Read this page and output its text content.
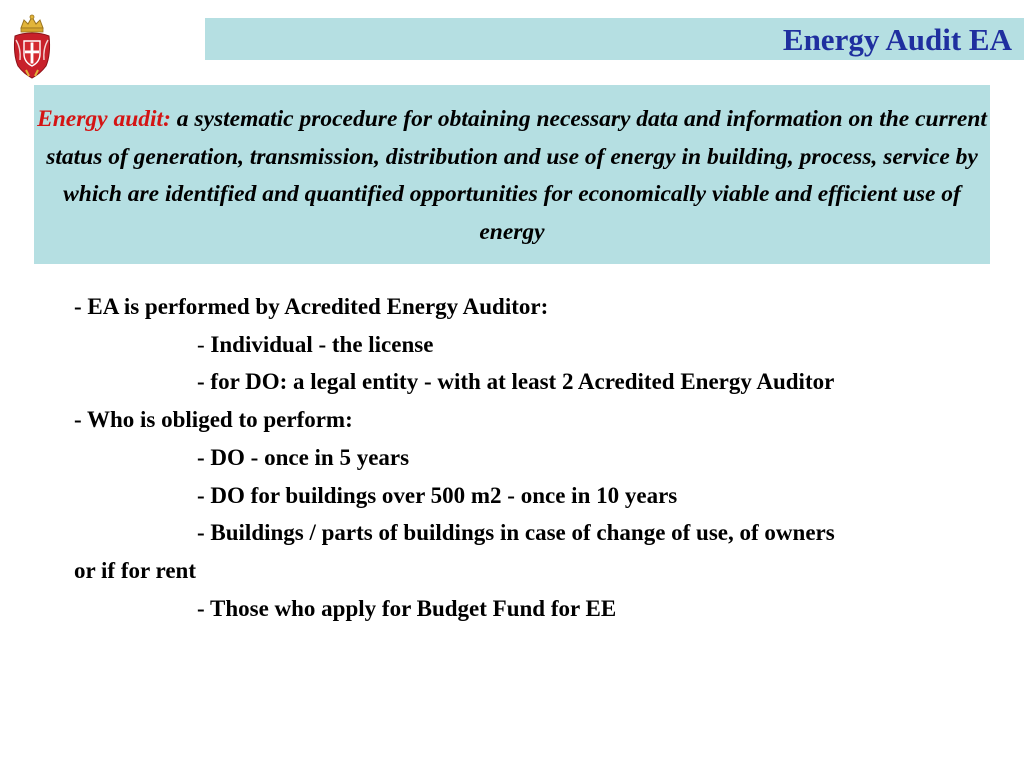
Energy Audit EA
Energy audit: a systematic procedure for obtaining necessary data and information on the current status of generation, transmission, distribution and use of energy in building, process, service by which are identified and quantified opportunities for economically viable and efficient use of energy
- EA is performed by Acredited Energy Auditor:
- Individual - the license
- for DO: a legal entity - with at least 2 Acredited Energy Auditor
- Who is obliged to perform:
- DO - once in 5 years
- DO for buildings over 500 m2 - once in 10 years
- Buildings / parts of buildings in case of change of use, of owners
or if for rent
- Those who apply for Budget Fund for EE
